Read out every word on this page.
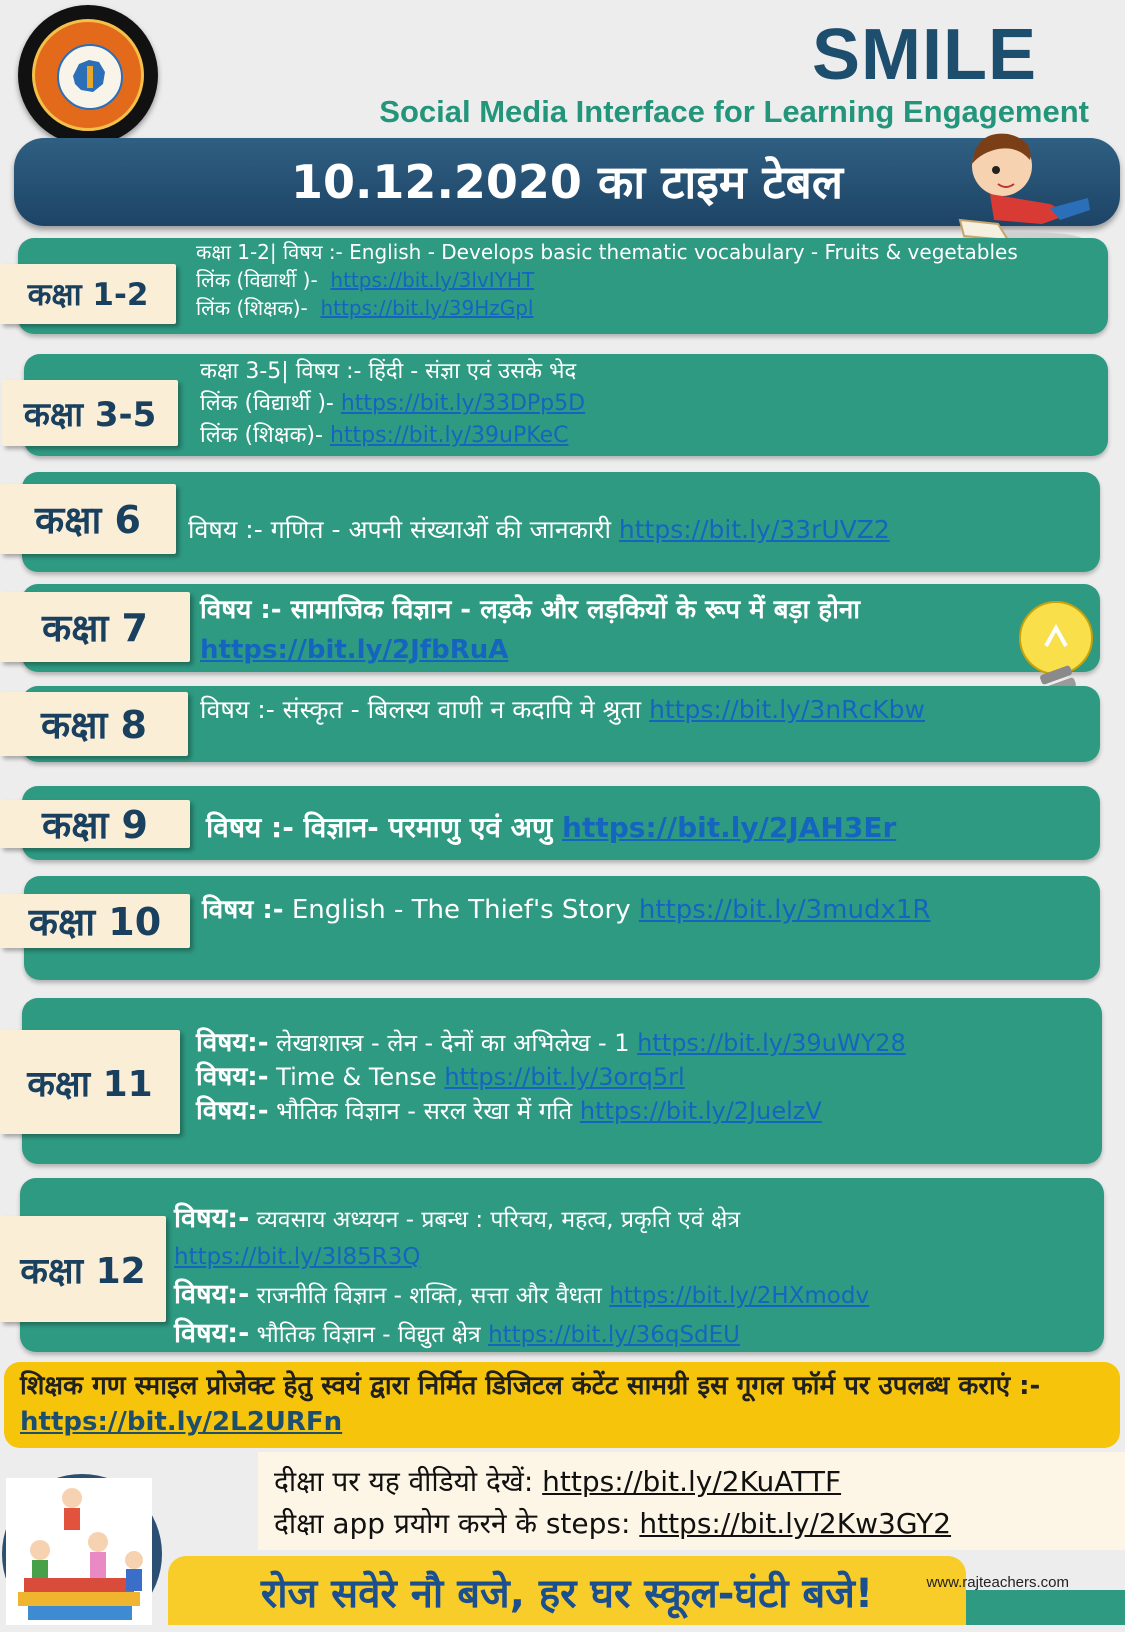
SMILE
Social Media Interface for Learning Engagement
10.12.2020 का टाइम टेबल
कक्षा 1-2| विषय :- English - Develops basic thematic vocabulary - Fruits & vegetables
लिंक (विद्यार्थी )- https://bit.ly/3lvIYHT
लिंक (शिक्षक)- https://bit.ly/39HzGpl
कक्षा 1-2
कक्षा 3-5| विषय :- हिंदी - संज्ञा एवं उसके भेद
लिंक (विद्यार्थी )- https://bit.ly/33DPp5D
लिंक (शिक्षक)- https://bit.ly/39uPKeC
कक्षा 3-5
विषय :- गणित - अपनी संख्याओं की जानकारी https://bit.ly/33rUVZ2
कक्षा 6
विषय :- सामाजिक विज्ञान - लड़के और लड़कियों के रूप में बड़ा होना
https://bit.ly/2JfbRuA
कक्षा 7
विषय :- संस्कृत - बिलस्य वाणी न कदापि मे श्रुता https://bit.ly/3nRcKbw
कक्षा 8
विषय :- विज्ञान- परमाणु एवं अणु https://bit.ly/2JAH3Er
कक्षा 9
विषय :- English - The Thief's Story https://bit.ly/3mudx1R
कक्षा 10
विषय:- लेखाशास्त्र - लेन - देनों का अभिलेख - 1 https://bit.ly/39uWY28
विषय:- Time & Tense https://bit.ly/3orq5rl
विषय:- भौतिक विज्ञान - सरल रेखा में गति https://bit.ly/2JuelzV
कक्षा 11
विषय:- व्यवसाय अध्ययन - प्रबन्ध : परिचय, महत्व, प्रकृति एवं क्षेत्र
https://bit.ly/3l85R3Q
विषय:- राजनीति विज्ञान - शक्ति, सत्ता और वैधता https://bit.ly/2HXmodv
विषय:- भौतिक विज्ञान - विद्युत क्षेत्र https://bit.ly/36qSdEU
कक्षा 12
शिक्षक गण स्माइल प्रोजेक्ट हेतु स्वयं द्वारा निर्मित डिजिटल कंटेंट सामग्री इस गूगल फॉर्म पर उपलब्ध कराएं :- https://bit.ly/2L2URFn
दीक्षा पर यह वीडियो देखें: https://bit.ly/2KuATTF
दीक्षा app प्रयोग करने के steps: https://bit.ly/2Kw3GY2
रोज सवेरे नौ बजे, हर घर स्कूल-घंटी बजे!	www.rajteachers.com
